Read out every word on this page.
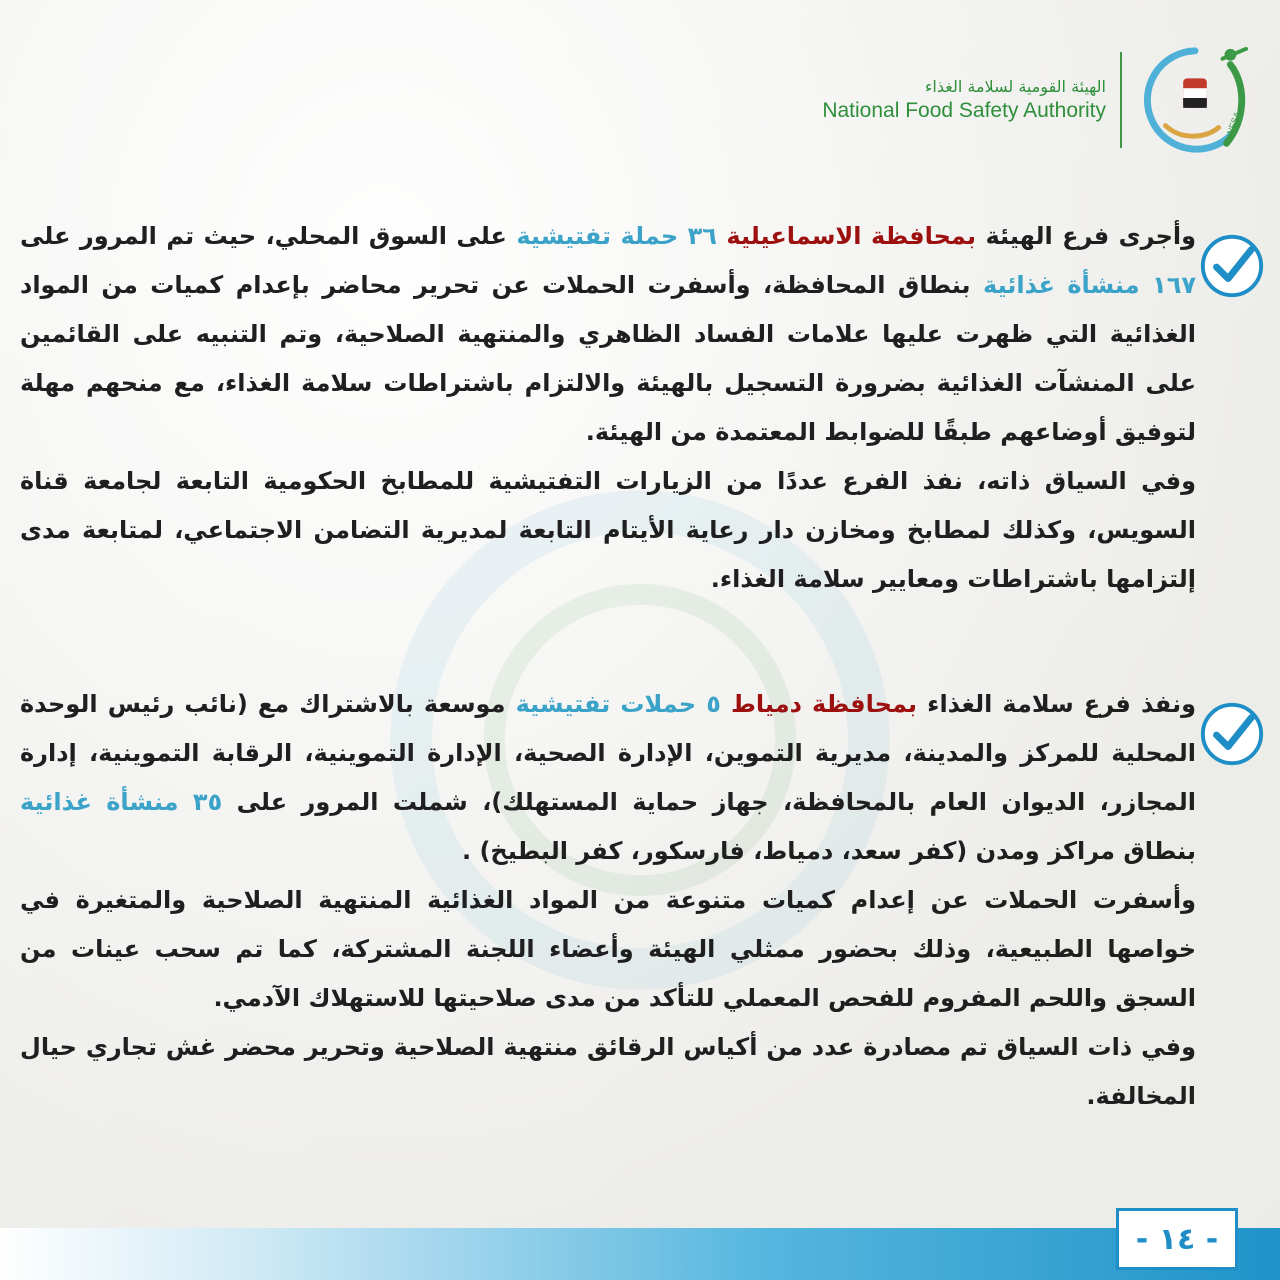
الهيئة القومية لسلامة الغذاء
National Food Safety Authority	NFSA

وأجرى فرع الهيئة بمحافظة الاسماعيلية ٣٦ حملة تفتيشية على السوق المحلي، حيث تم المرور على ١٦٧ منشأة غذائية بنطاق المحافظة، وأسفرت الحملات عن تحرير محاضر بإعدام كميات من المواد الغذائية التي ظهرت عليها علامات الفساد الظاهري والمنتهية الصلاحية، وتم التنبيه على القائمين على المنشآت الغذائية بضرورة التسجيل بالهيئة والالتزام باشتراطات سلامة الغذاء، مع منحهم مهلة لتوفيق أوضاعهم طبقًا للضوابط المعتمدة من الهيئة.

وفي السياق ذاته، نفذ الفرع عددًا من الزيارات التفتيشية للمطابخ الحكومية التابعة لجامعة قناة السويس، وكذلك لمطابخ ومخازن دار رعاية الأيتام التابعة لمديرية التضامن الاجتماعي، لمتابعة مدى إلتزامها باشتراطات ومعايير سلامة الغذاء.

ونفذ فرع سلامة الغذاء بمحافظة دمياط ٥ حملات تفتيشية موسعة بالاشتراك مع (نائب رئيس الوحدة المحلية للمركز والمدينة، مديرية التموين، الإدارة الصحية، الإدارة التموينية، الرقابة التموينية، إدارة المجازر، الديوان العام بالمحافظة، جهاز حماية المستهلك)، شملت المرور على ٣٥ منشأة غذائية بنطاق مراكز ومدن (كفر سعد، دمياط، فارسكور، كفر البطيخ) .

وأسفرت الحملات عن إعدام كميات متنوعة من المواد الغذائية المنتهية الصلاحية والمتغيرة في خواصها الطبيعية، وذلك بحضور ممثلي الهيئة وأعضاء اللجنة المشتركة، كما تم سحب عينات من السجق واللحم المفروم للفحص المعملي للتأكد من مدى صلاحيتها للاستهلاك الآدمي.

وفي ذات السياق تم مصادرة عدد من أكياس الرقائق منتهية الصلاحية وتحرير محضر غش تجاري حيال المخالفة.

- ١٤ -
